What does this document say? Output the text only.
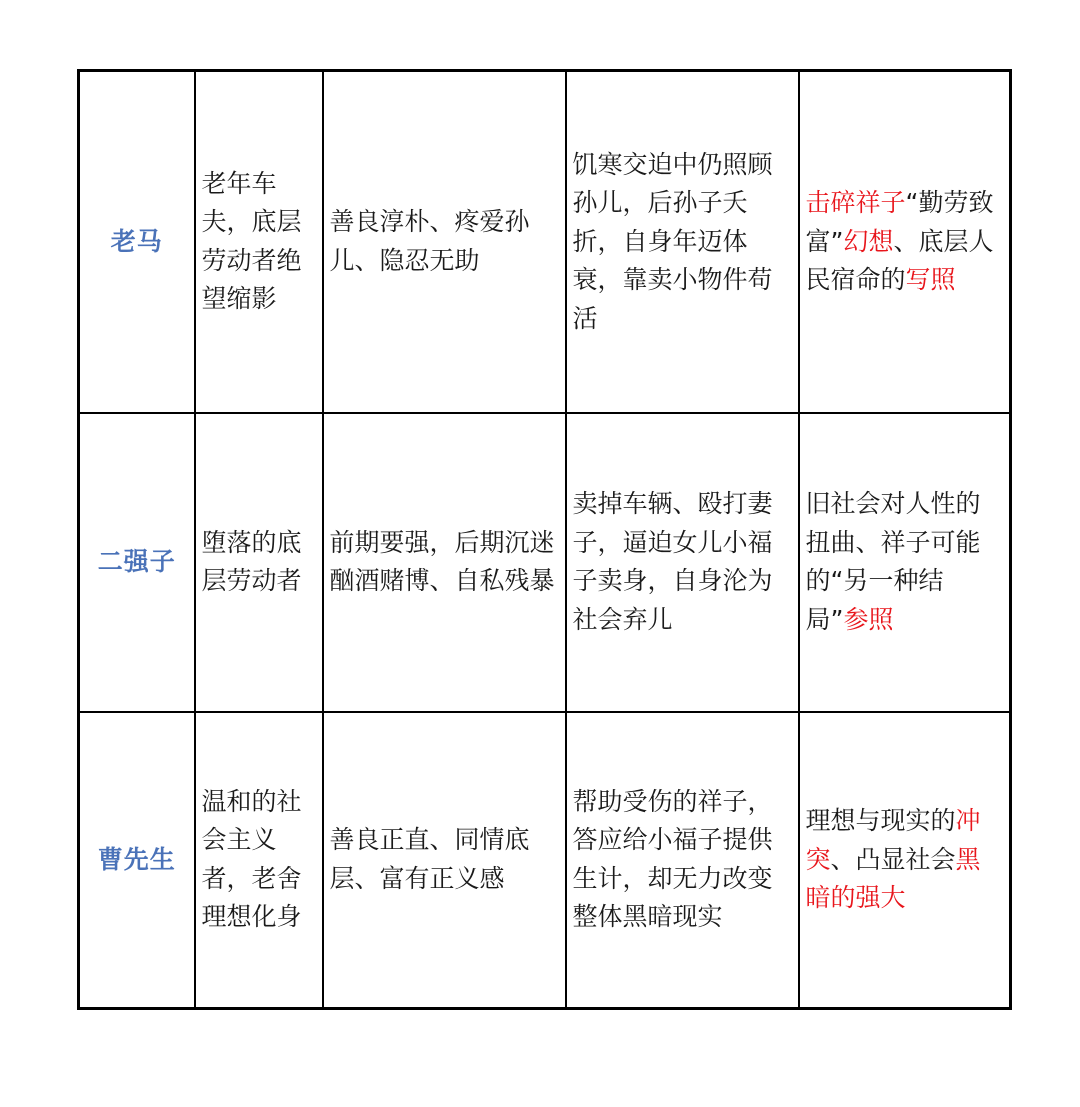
老马	老年车夫，底层劳动者绝望缩影	善良淳朴、疼爱孙儿、隐忍无助	饥寒交迫中仍照顾孙儿，后孙子夭折，自身年迈体衰，靠卖小物件苟活	击碎祥子“勤劳致富”幻想、底层人民宿命的写照

二强子	堕落的底层劳动者	前期要强，后期沉迷酗酒赌博、自私残暴	卖掉车辆、殴打妻子，逼迫女儿小福子卖身，自身沦为社会弃儿	旧社会对人性的扭曲、祥子可能的“另一种结局”参照

曹先生	温和的社会主义者，老舍理想化身	善良正直、同情底层、富有正义感	帮助受伤的祥子，答应给小福子提供生计，却无力改变整体黑暗现实	理想与现实的冲突、凸显社会黑暗的强大
